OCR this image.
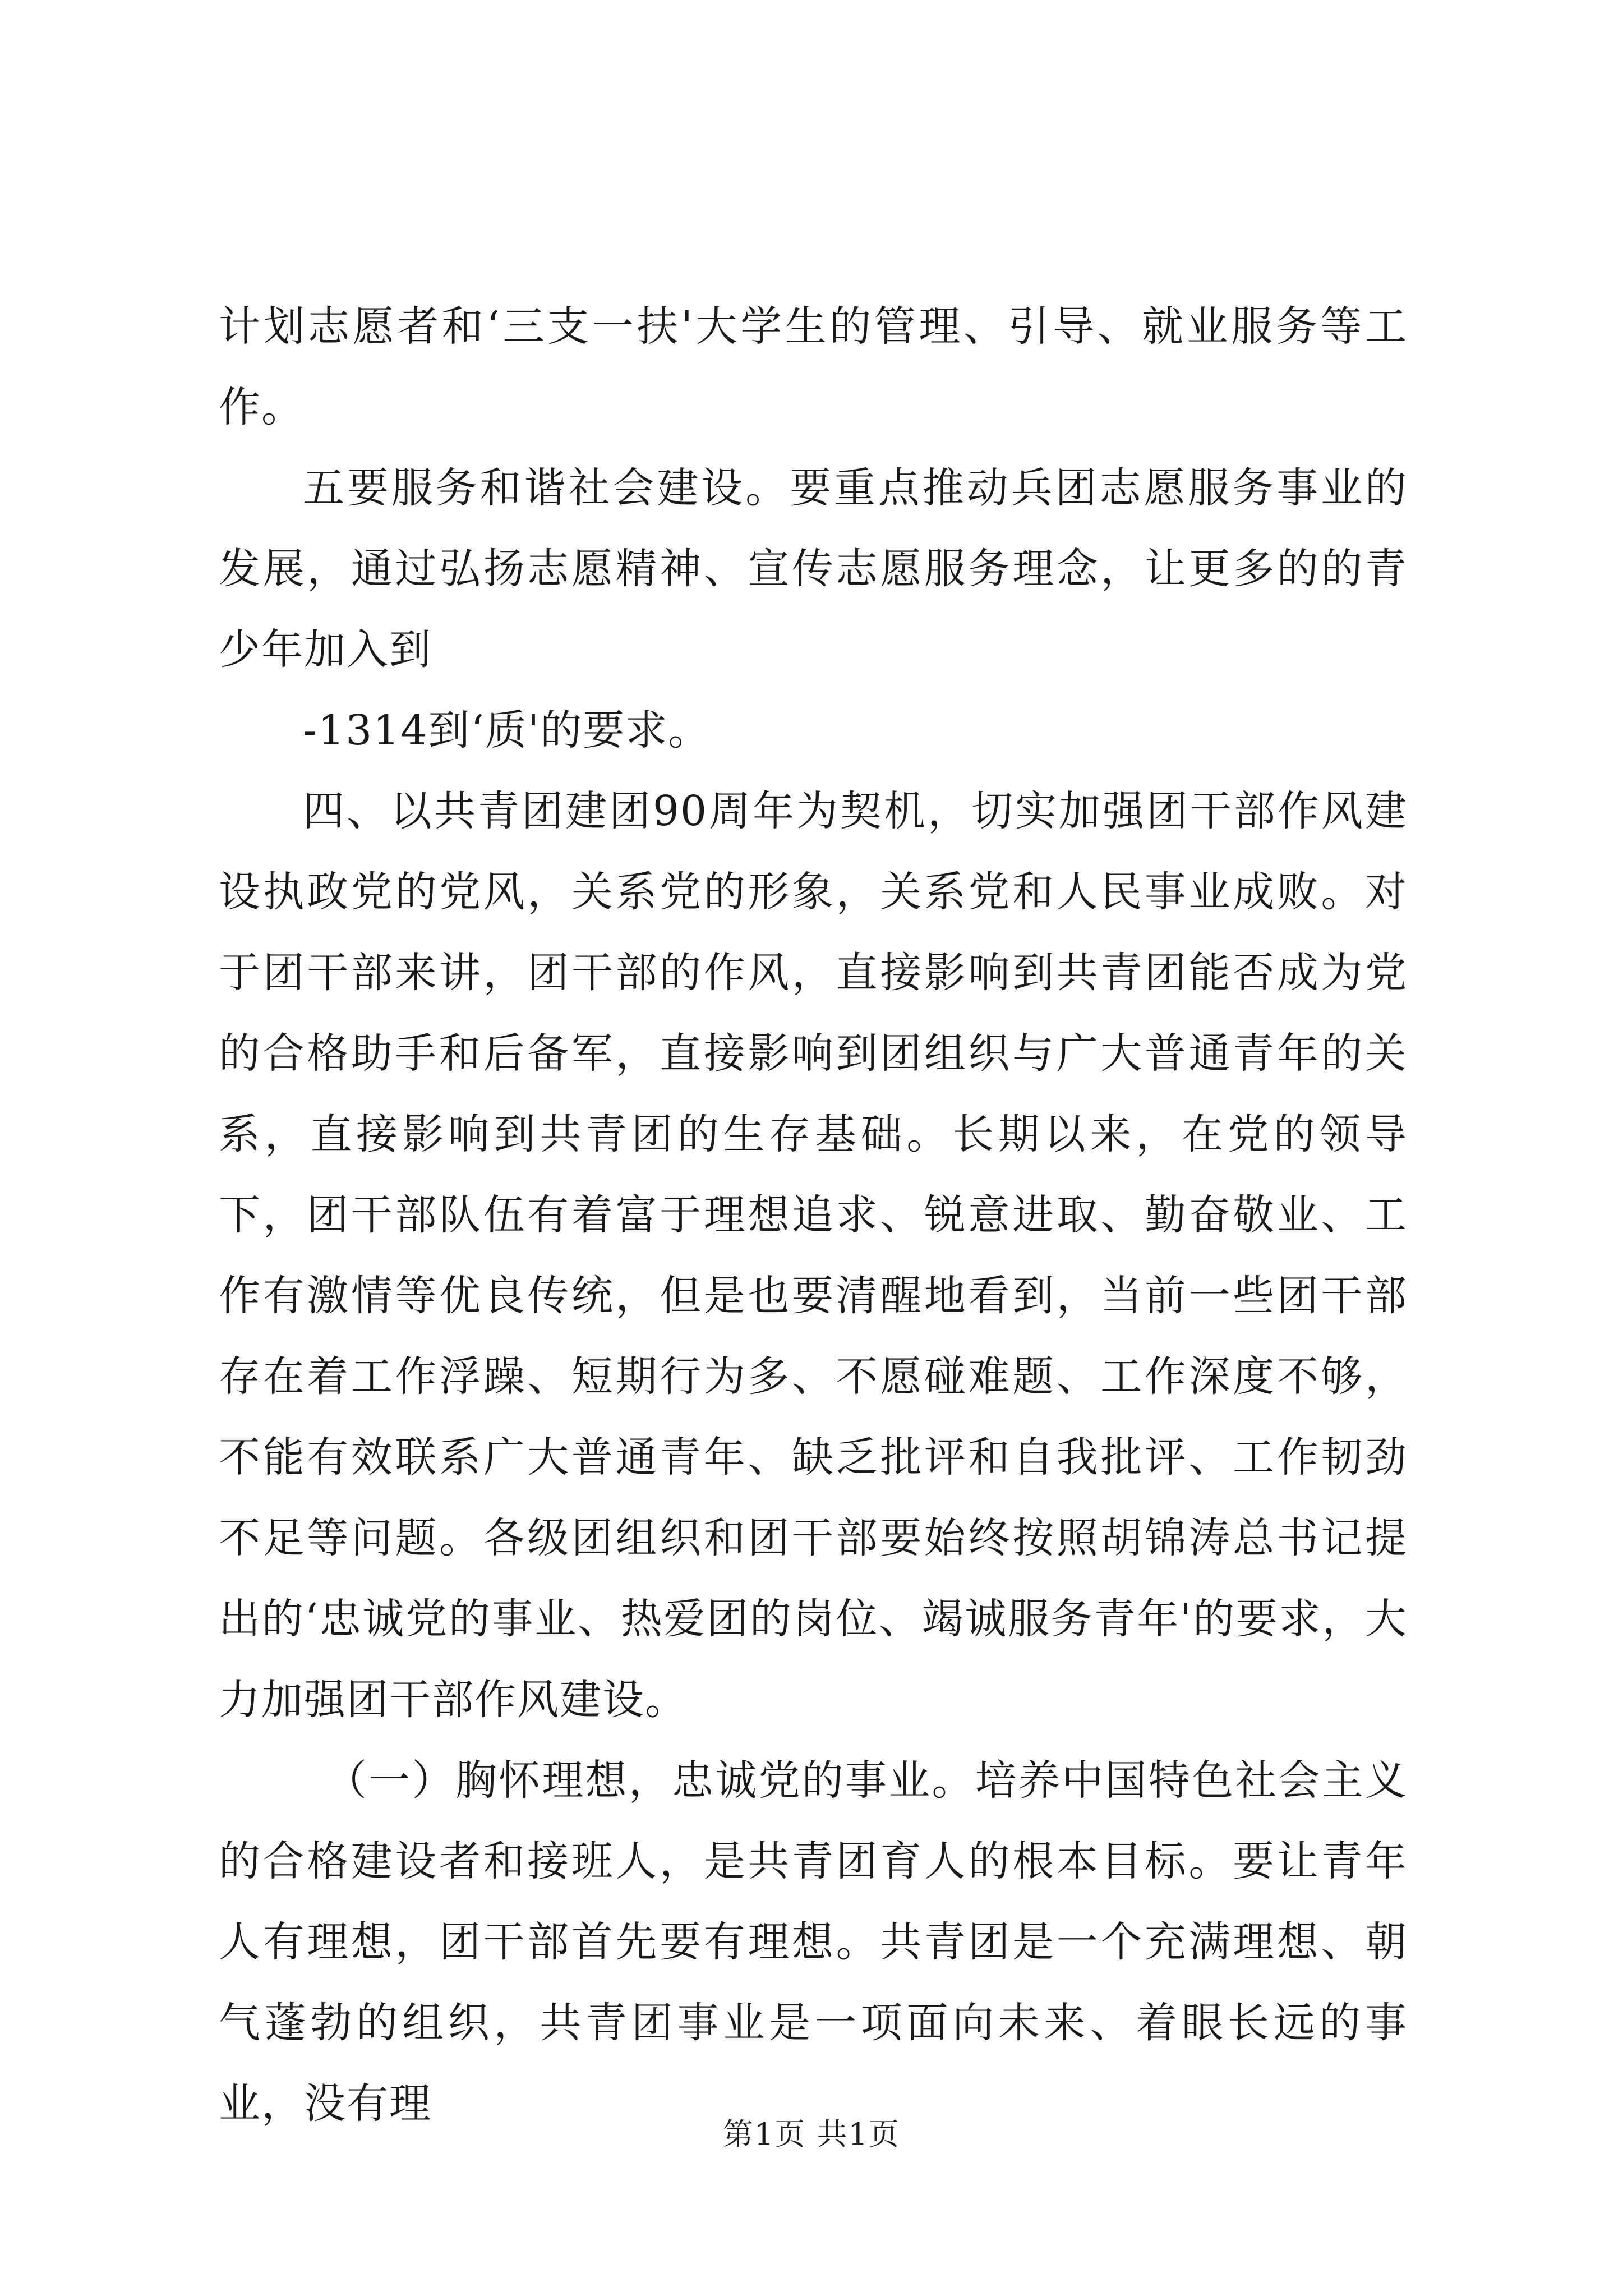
计划志愿者和‘三支一扶'大学生的管理、引导、就业服务等工作。

五要服务和谐社会建设。要重点推动兵团志愿服务事业的发展，通过弘扬志愿精神、宣传志愿服务理念，让更多的的青少年加入到

-1314到‘质'的要求。

四、以共青团建团90周年为契机，切实加强团干部作风建设执政党的党风，关系党的形象，关系党和人民事业成败。对于团干部来讲，团干部的作风，直接影响到共青团能否成为党的合格助手和后备军，直接影响到团组织与广大普通青年的关系，直接影响到共青团的生存基础。长期以来，在党的领导下，团干部队伍有着富于理想追求、锐意进取、勤奋敬业、工作有激情等优良传统，但是也要清醒地看到，当前一些团干部存在着工作浮躁、短期行为多、不愿碰难题、工作深度不够，不能有效联系广大普通青年、缺乏批评和自我批评、工作韧劲不足等问题。各级团组织和团干部要始终按照胡锦涛总书记提出的‘忠诚党的事业、热爱团的岗位、竭诚服务青年'的要求，大力加强团干部作风建设。

（一）胸怀理想，忠诚党的事业。培养中国特色社会主义的合格建设者和接班人，是共青团育人的根本目标。要让青年人有理想，团干部首先要有理想。共青团是一个充满理想、朝气蓬勃的组织，共青团事业是一项面向未来、着眼长远的事业，没有理

第1页 共1页
